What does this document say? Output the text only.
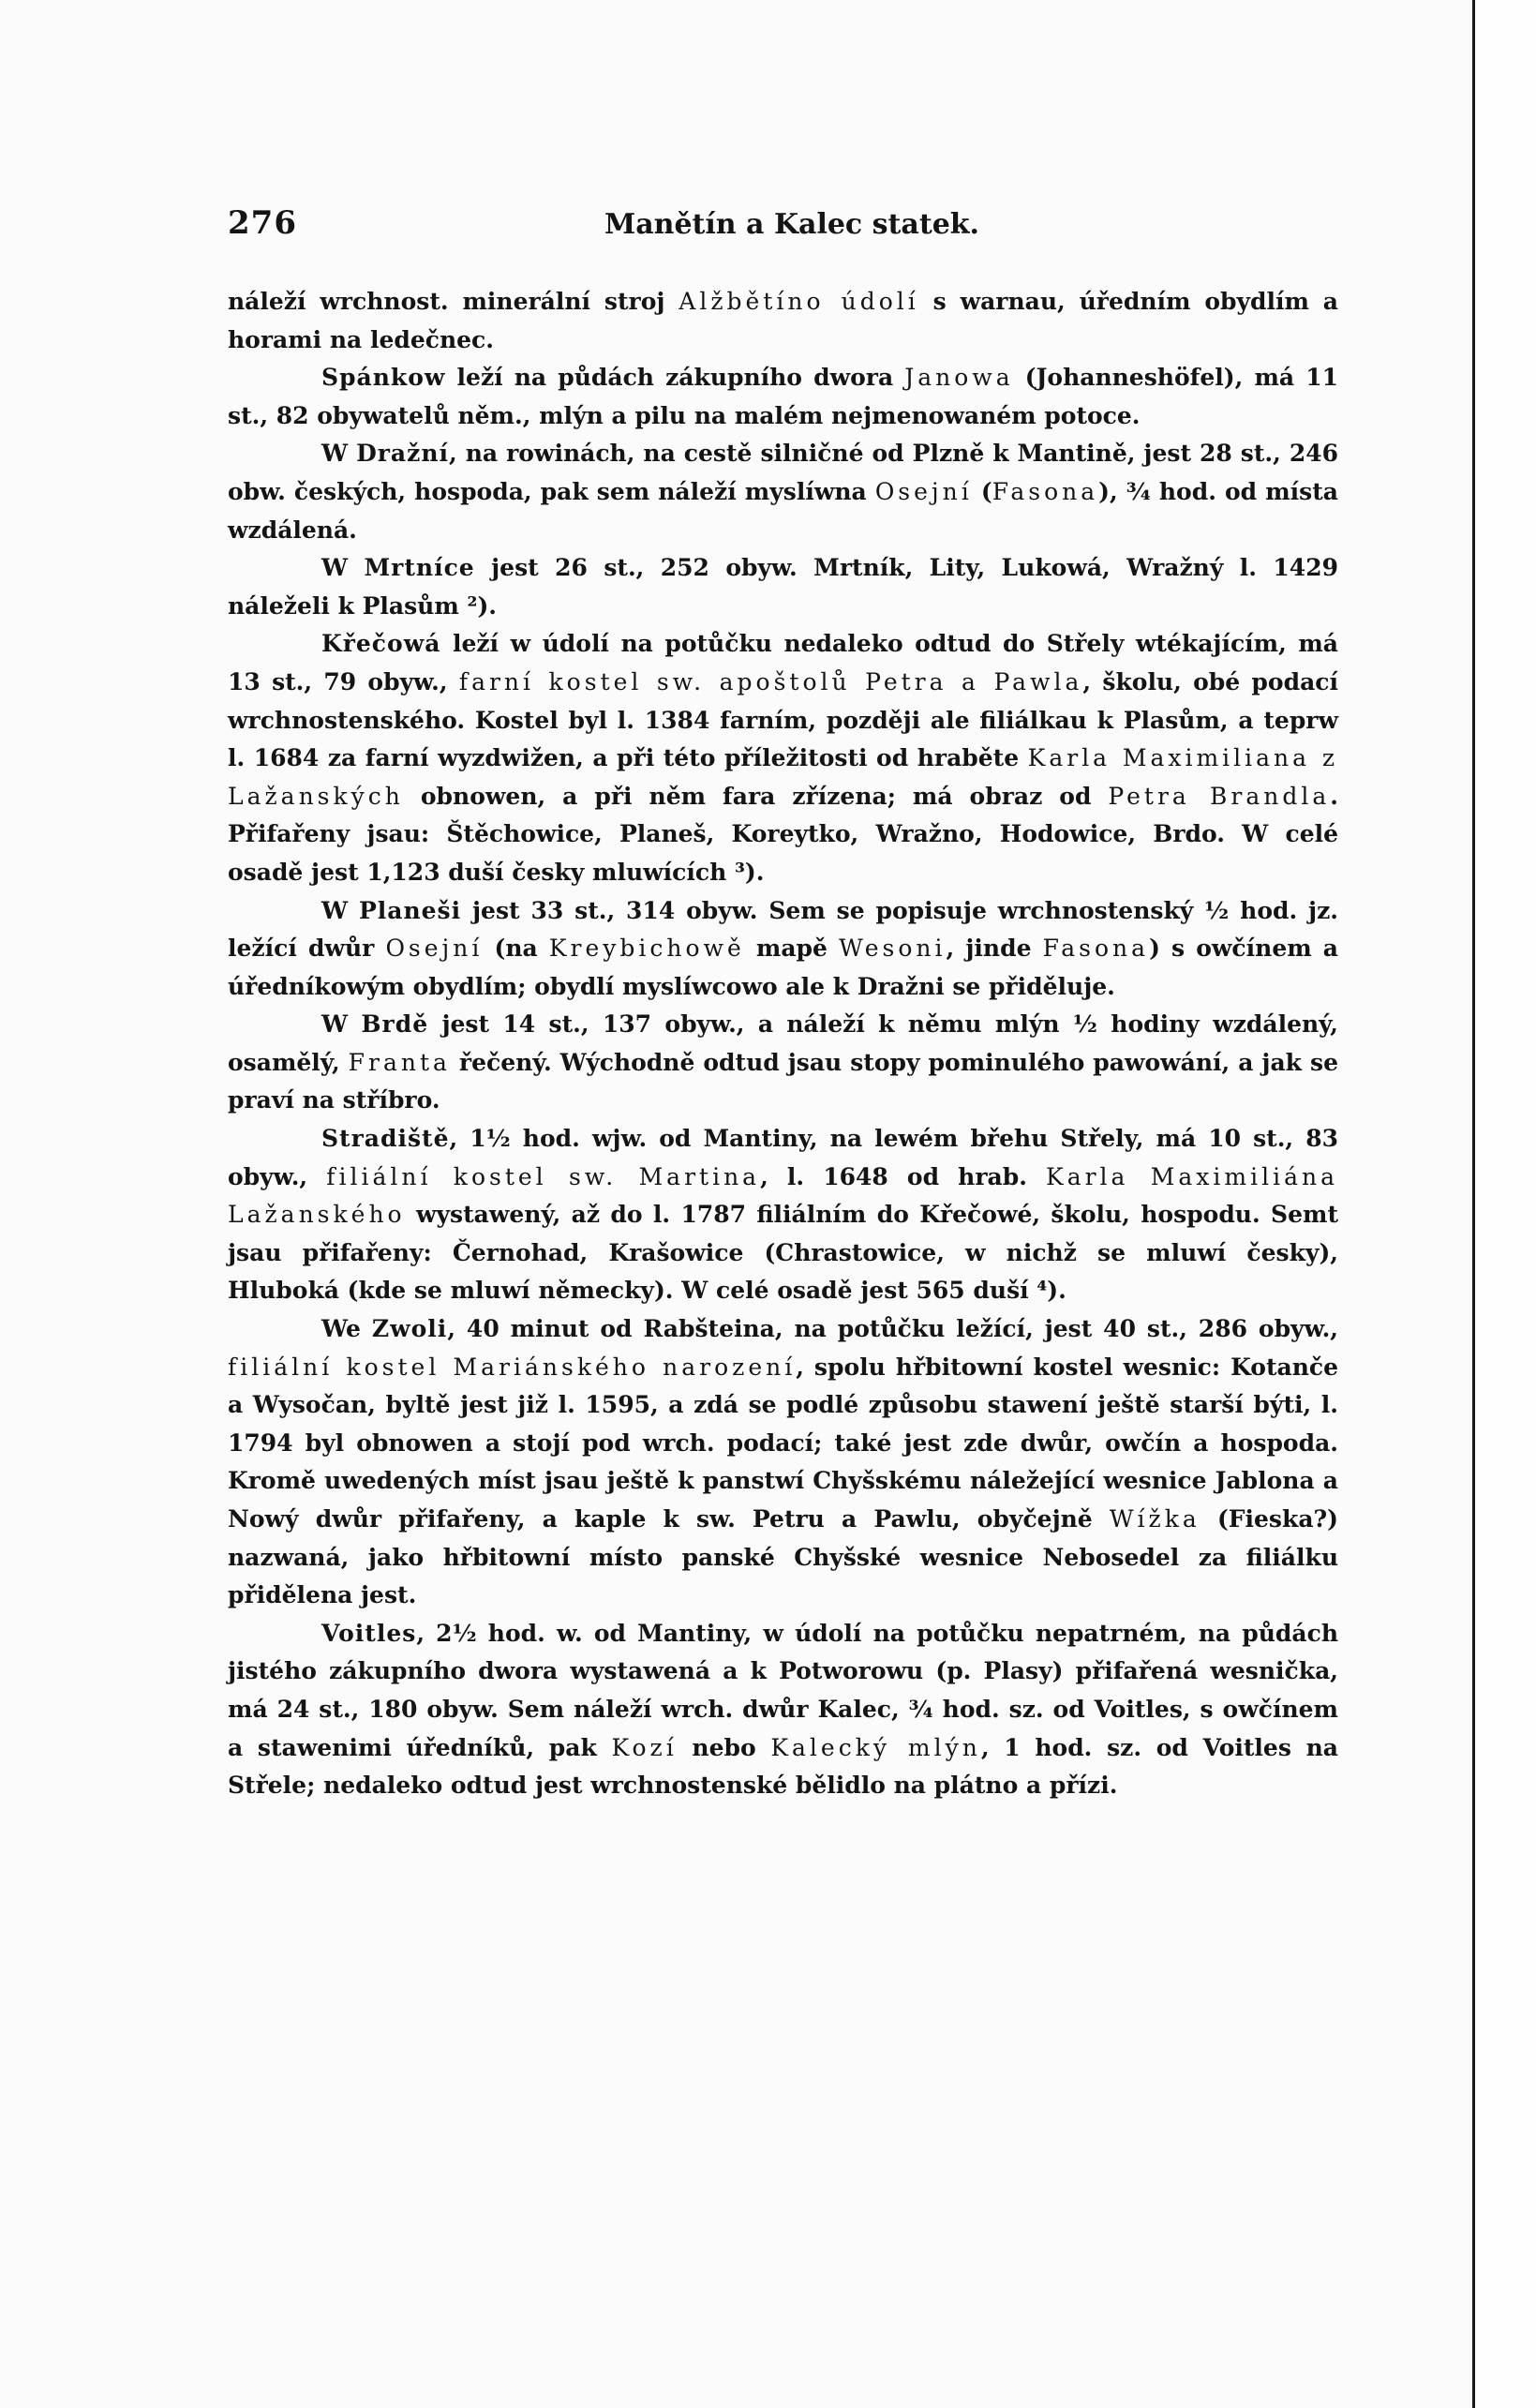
276	Manětín a Kalec statek.

náleží wrchnost. minerální stroj Alžbětíno údolí s warnau, úředním obydlím a horami na ledečnec.

Spánkow leží na půdách zákupního dwora Janowa (Johanneshöfel), má 11 st., 82 obywatelů něm., mlýn a pilu na malém nejmenowaném potoce.

W Dražní, na rowinách, na cestě silničné od Plzně k Mantině, jest 28 st., 246 obw. českých, hospoda, pak sem náleží myslíwna Osejní (Fasona), ¾ hod. od místa wzdálená.

W Mrtníce jest 26 st., 252 obyw. Mrtník, Lity, Lukowá, Wražný l. 1429 náleželi k Plasům ²).

Křečowá leží w údolí na potůčku nedaleko odtud do Střely wtékajícím, má 13 st., 79 obyw., farní kostel sw. apoštolů Petra a Pawla, školu, obé podací wrchnostenského. Kostel byl l. 1384 farním, později ale filiálkau k Plasům, a teprw l. 1684 za farní wyzdwižen, a při této příležitosti od hraběte Karla Maximiliana z Lažanských obnowen, a při něm fara zřízena; má obraz od Petra Brandla. Přifařeny jsau: Štěchowice, Planeš, Koreytko, Wražno, Hodowice, Brdo. W celé osadě jest 1,123 duší česky mluwících ³).

W Planeši jest 33 st., 314 obyw. Sem se popisuje wrchnostenský ½ hod. jz. ležící dwůr Osejní (na Kreybichowě mapě Wesoni, jinde Fasona) s owčínem a úředníkowým obydlím; obydlí myslíwcowo ale k Dražni se přiděluje.

W Brdě jest 14 st., 137 obyw., a náleží k němu mlýn ½ hodiny wzdálený, osamělý, Franta řečený. Wýchodně odtud jsau stopy pominulého pawowání, a jak se praví na stříbro.

Stradiště, 1½ hod. wjw. od Mantiny, na lewém břehu Střely, má 10 st., 83 obyw., filiální kostel sw. Martina, l. 1648 od hrab. Karla Maximiliána Lažanského wystawený, až do l. 1787 filiálním do Křečowé, školu, hospodu. Semt jsau přifařeny: Černohad, Krašowice (Chrastowice, w nichž se mluwí česky), Hluboká (kde se mluwí německy). W celé osadě jest 565 duší ⁴).

We Zwoli, 40 minut od Rabšteina, na potůčku ležící, jest 40 st., 286 obyw., filiální kostel Mariánského narození, spolu hřbitowní kostel wesnic: Kotanče a Wysočan, byltě jest již l. 1595, a zdá se podlé způsobu stawení ještě starší býti, l. 1794 byl obnowen a stojí pod wrch. podací; také jest zde dwůr, owčín a hospoda. Kromě uwedených míst jsau ještě k panstwí Chyšskému náležející wesnice Jablona a Nowý dwůr přifařeny, a kaple k sw. Petru a Pawlu, obyčejně Wížka (Fieska?) nazwaná, jako hřbitowní místo panské Chyšské wesnice Nebosedel za filiálku přidělena jest.

Voitles, 2½ hod. w. od Mantiny, w údolí na potůčku nepatrném, na půdách jistého zákupního dwora wystawená a k Potworowu (p. Plasy) přifařená wesnička, má 24 st., 180 obyw. Sem náleží wrch. dwůr Kalec, ¾ hod. sz. od Voitles, s owčínem a stawenimi úředníků, pak Kozí nebo Kalecký mlýn, 1 hod. sz. od Voitles na Střele; nedaleko odtud jest wrchnostenské bělidlo na plátno a přízi.
